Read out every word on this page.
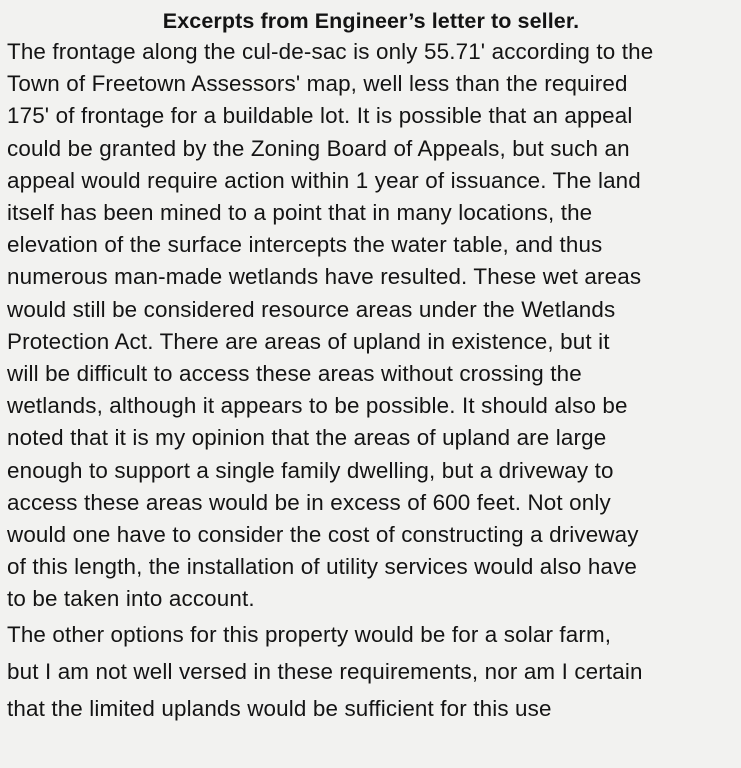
Excerpts from Engineer’s letter to seller.

The frontage along the cul-de-sac is only 55.71' according to the
Town of Freetown Assessors' map, well less than the required
175' of frontage for a buildable lot. It is possible that an appeal
could be granted by the Zoning Board of Appeals, but such an
appeal would require action within 1 year of issuance. The land
itself has been mined to a point that in many locations, the
elevation of the surface intercepts the water table, and thus
numerous man-made wetlands have resulted. These wet areas
would still be considered resource areas under the Wetlands
Protection Act. There are areas of upland in existence, but it
will be difficult to access these areas without crossing the
wetlands, although it appears to be possible. It should also be
noted that it is my opinion that the areas of upland are large
enough to support a single family dwelling, but a driveway to
access these areas would be in excess of 600 feet. Not only
would one have to consider the cost of constructing a driveway
of this length, the installation of utility services would also have
to be taken into account.

The other options for this property would be for a solar farm,
but I am not well versed in these requirements, nor am I certain
that the limited uplands would be sufficient for this use
